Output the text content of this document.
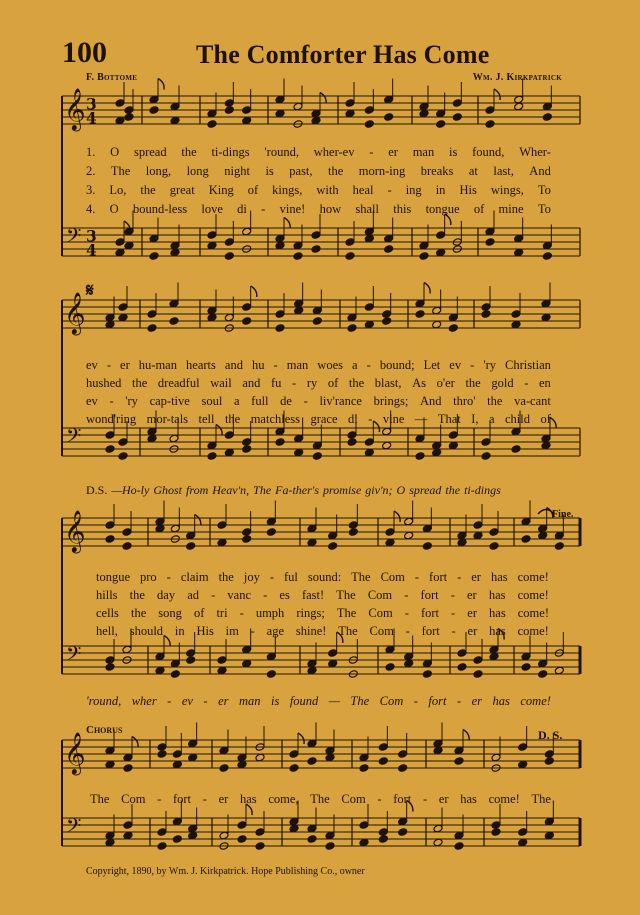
𝄞
𝄢
3
4
3
4
𝄞
𝄢
𝄞
𝄢
𝄞
𝄢
100	The Comforter Has Come
F. Bottome	Wm. J. Kirkpatrick
𝄋
Fine.
Chorus	D. S.
1. O spread the ti-dings 'round, wher-ev - er man is found, Wher-
2. The long, long night is past, the morn-ing breaks at last, And
3. Lo, the great King of kings, with heal - ing in His wings, To
4. O bound-less love di - vine! how shall this tongue of mine To
ev - er hu-man hearts and hu - man woes a - bound; Let ev - 'ry Christian
hushed the dreadful wail and fu - ry of the blast, As o'er the gold - en
ev - 'ry cap-tive soul a full de - liv'rance brings; And thro' the va-cant
wond'ring mor-tals tell the matchless grace di - vine — That I, a child of
tongue pro - claim the joy - ful sound: The Com - fort - er has come!
hills the day ad - vanc - es fast! The Com - fort - er has come!
cells the song of tri - umph rings; The Com - fort - er has come!
hell, should in His im - age shine! The Com - fort - er has come!
'round, wher - ev - er man is found — The Com - fort - er has come!
The Com - fort - er has come, The Com - fort - er has come! The
D.S. —Ho-ly Ghost from Heav'n, The Fa-ther's promise giv'n; O spread the ti-dings
Copyright, 1890, by Wm. J. Kirkpatrick. Hope Publishing Co., owner
